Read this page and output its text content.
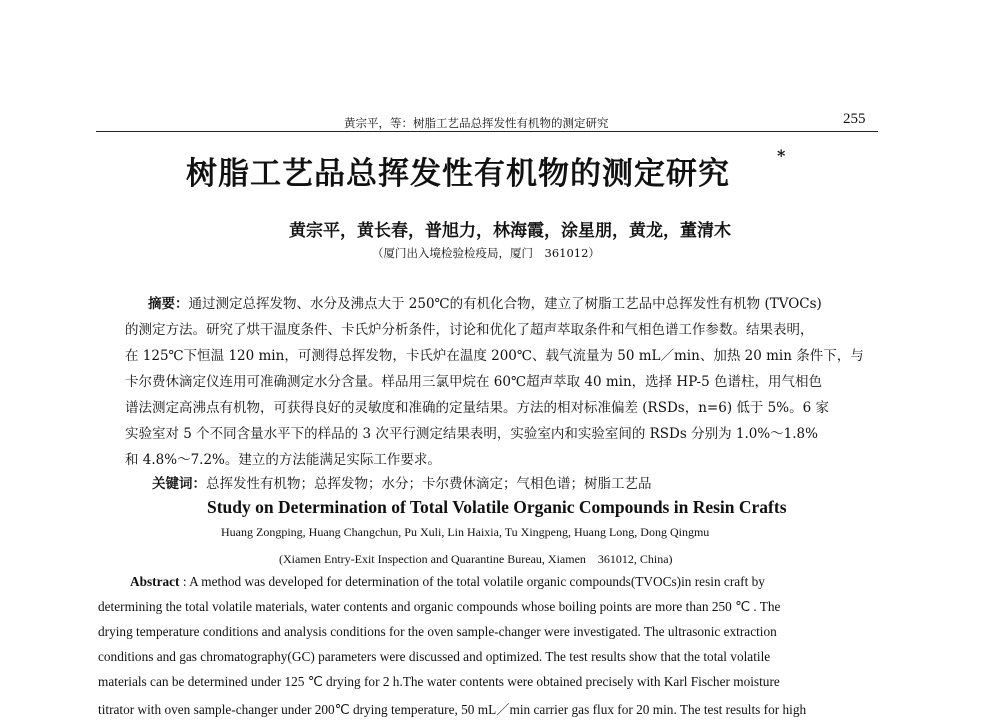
黄宗平，等：树脂工艺品总挥发性有机物的测定研究	255
树脂工艺品总挥发性有机物的测定研究
*
黄宗平，黄长春，普旭力，林海霞，涂星朋，黄龙，董清木
（厦门出入境检验检疫局，厦门　361012）
摘要：通过测定总挥发物、水分及沸点大于 250℃的有机化合物，建立了树脂工艺品中总挥发性有机物 (TVOCs)
的测定方法。研究了烘干温度条件、卡氏炉分析条件，讨论和优化了超声萃取条件和气相色谱工作参数。结果表明，
在 125℃下恒温 120 min，可测得总挥发物，卡氏炉在温度 200℃、载气流量为 50 mL／min、加热 20 min 条件下，与
卡尔费休滴定仪连用可准确测定水分含量。样品用三氯甲烷在 60℃超声萃取 40 min，选择 HP-5 色谱柱，用气相色
谱法测定高沸点有机物，可获得良好的灵敏度和准确的定量结果。方法的相对标准偏差 (RSDs，n=6) 低于 5%。6 家
实验室对 5 个不同含量水平下的样品的 3 次平行测定结果表明，实验室内和实验室间的 RSDs 分别为 1.0%～1.8%
和 4.8%～7.2%。建立的方法能满足实际工作要求。
关键词：总挥发性有机物；总挥发物；水分；卡尔费休滴定；气相色谱；树脂工艺品
Study on Determination of Total Volatile Organic Compounds in Resin Crafts
Huang Zongping, Huang Changchun, Pu Xuli, Lin Haixia, Tu Xingpeng, Huang Long, Dong Qingmu
(Xiamen Entry-Exit Inspection and Quarantine Bureau, Xiamen　361012, China)
Abstract : A method was developed for determination of the total volatile organic compounds(TVOCs)in resin craft by
determining the total volatile materials, water contents and organic compounds whose boiling points are more than 250 ℃ . The
drying temperature conditions and analysis conditions for the oven sample-changer were investigated. The ultrasonic extraction
conditions and gas chromatography(GC) parameters were discussed and optimized. The test results show that the total volatile
materials can be determined under 125 ℃ drying for 2 h.The water contents were obtained precisely with Karl Fischer moisture
titrator with oven sample-changer under 200℃ drying temperature, 50 mL／min carrier gas flux for 20 min. The test results for high
